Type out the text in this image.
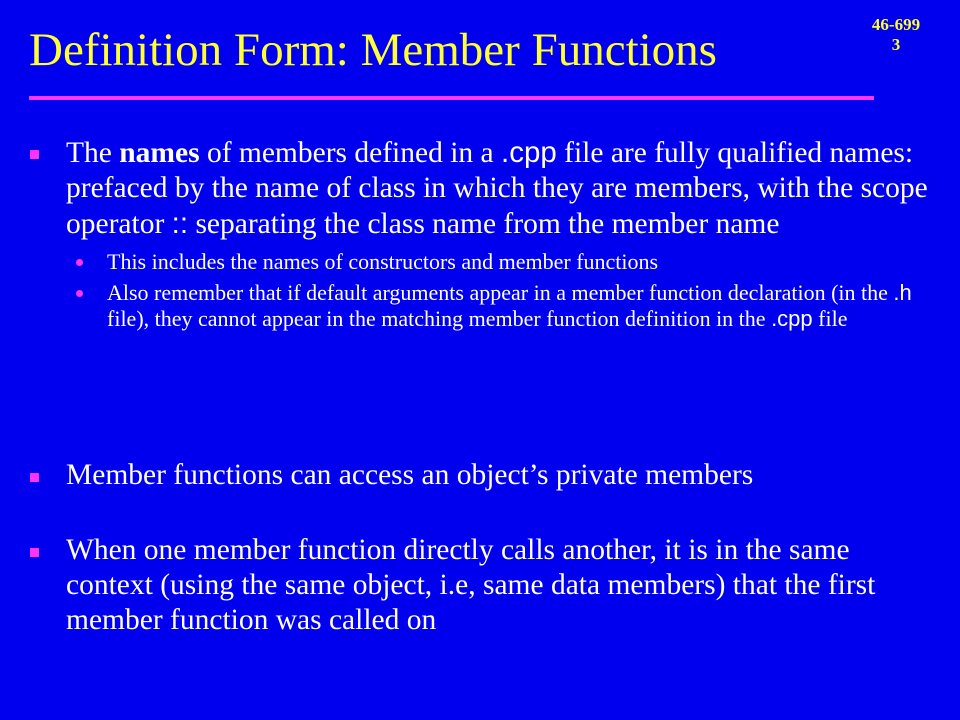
Definition Form: Member Functions	46-699
3
The names of members defined in a .cpp file are fully qualified names: prefaced by the name of class in which they are members, with the scope operator :: separating the class name from the member name
This includes the names of constructors and member functions
Also remember that if default arguments appear in a member function declaration (in the .h file), they cannot appear in the matching member function definition in the .cpp file
Member functions can access an object’s private members
When one member function directly calls another, it is in the same context (using the same object, i.e, same data members) that the first member function was called on
